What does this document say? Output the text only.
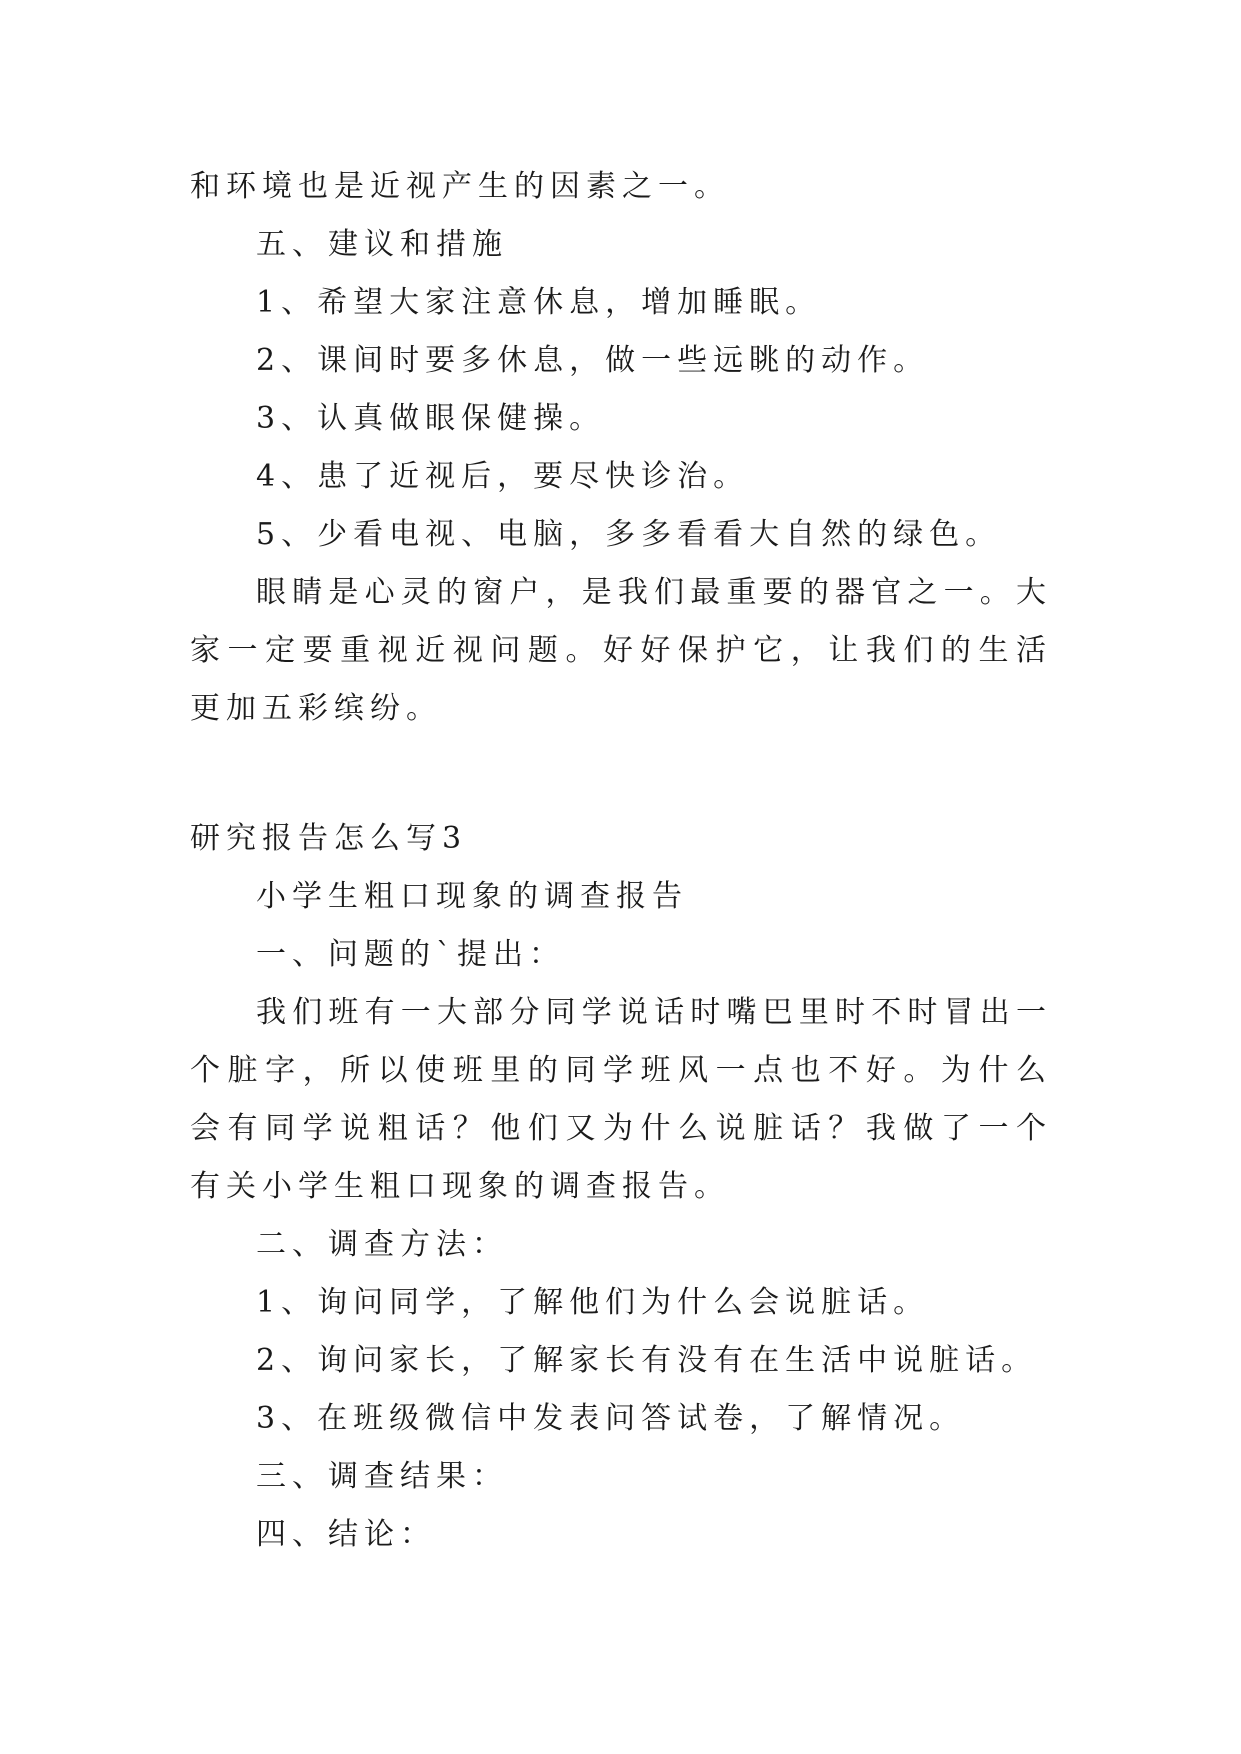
和环境也是近视产生的因素之一。
五、建议和措施
1、希望大家注意休息，增加睡眠。
2、课间时要多休息，做一些远眺的动作。
3、认真做眼保健操。
4、患了近视后，要尽快诊治。
5、少看电视、电脑，多多看看大自然的绿色。
眼睛是心灵的窗户，是我们最重要的器官之一。大家一定要重视近视问题。好好保护它，让我们的生活更加五彩缤纷。
研究报告怎么写3
小学生粗口现象的调查报告
一、问题的`提出：
我们班有一大部分同学说话时嘴巴里时不时冒出一个脏字，所以使班里的同学班风一点也不好。为什么会有同学说粗话？他们又为什么说脏话？我做了一个有关小学生粗口现象的调查报告。
二、调查方法：
1、询问同学，了解他们为什么会说脏话。
2、询问家长，了解家长有没有在生活中说脏话。
3、在班级微信中发表问答试卷，了解情况。
三、调查结果：
四、结论：
